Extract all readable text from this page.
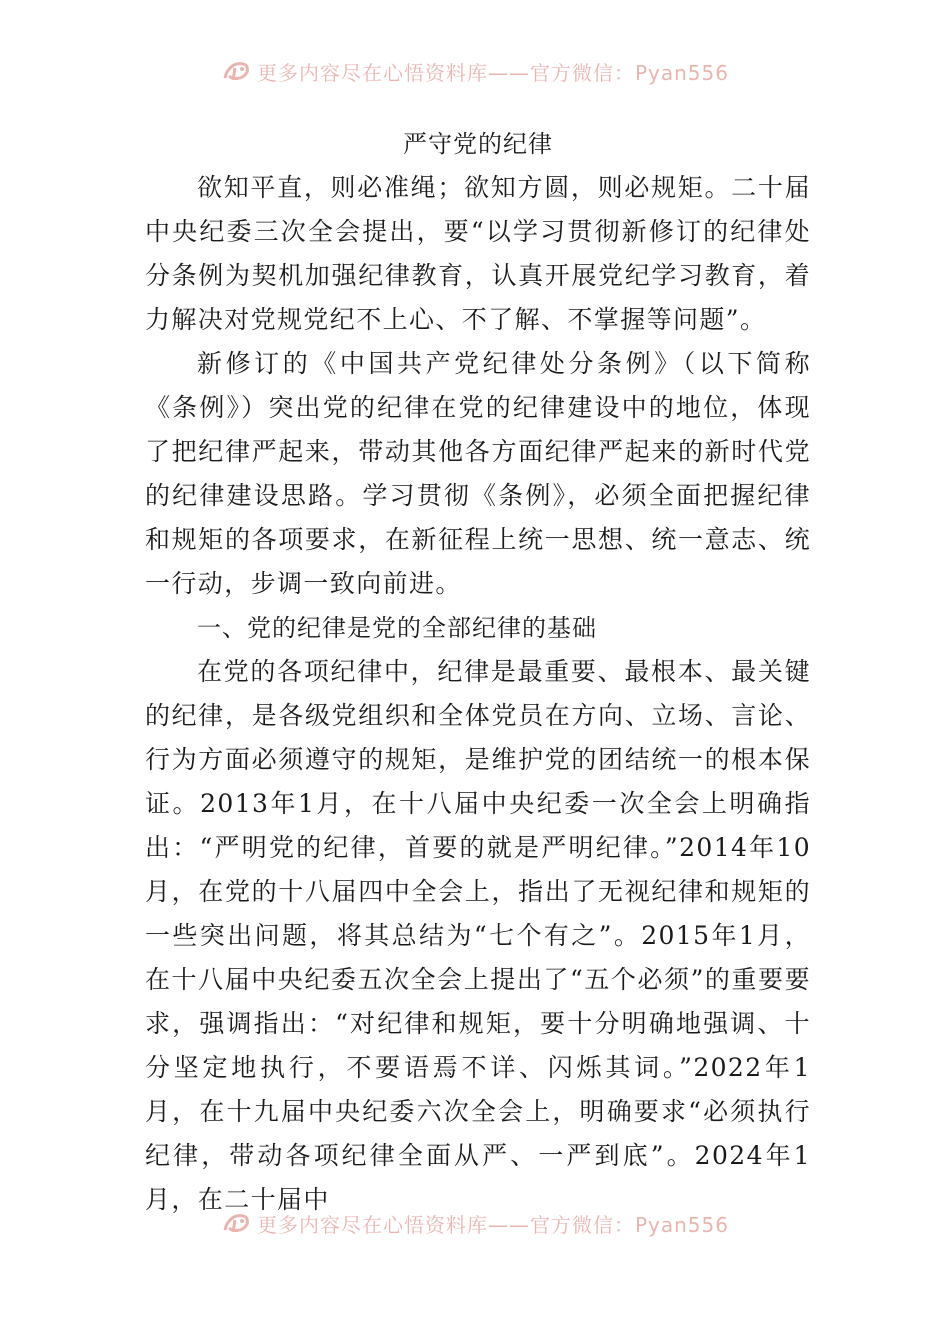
更多内容尽在心悟资料库——官方微信：Pyan556
严守党的纪律

欲知平直，则必准绳；欲知方圆，则必规矩。二十届中央纪委三次全会提出，要“以学习贯彻新修订的纪律处分条例为契机加强纪律教育，认真开展党纪学习教育，着力解决对党规党纪不上心、不了解、不掌握等问题”。

新修订的《中国共产党纪律处分条例》（以下简称《条例》）突出党的纪律在党的纪律建设中的地位，体现了把纪律严起来，带动其他各方面纪律严起来的新时代党的纪律建设思路。学习贯彻《条例》，必须全面把握纪律和规矩的各项要求，在新征程上统一思想、统一意志、统一行动，步调一致向前进。

一、党的纪律是党的全部纪律的基础

在党的各项纪律中，纪律是最重要、最根本、最关键的纪律，是各级党组织和全体党员在方向、立场、言论、行为方面必须遵守的规矩，是维护党的团结统一的根本保证。2013年1月，在十八届中央纪委一次全会上明确指出：“严明党的纪律，首要的就是严明纪律。”2014年10月，在党的十八届四中全会上，指出了无视纪律和规矩的一些突出问题，将其总结为“七个有之”。2015年1月，在十八届中央纪委五次全会上提出了“五个必须”的重要要求，强调指出：“对纪律和规矩，要十分明确地强调、十分坚定地执行，不要语焉不详、闪烁其词。”2022年1月，在十九届中央纪委六次全会上，明确要求“必须执行纪律，带动各项纪律全面从严、一严到底”。2024年1月，在二十届中

更多内容尽在心悟资料库——官方微信：Pyan556
